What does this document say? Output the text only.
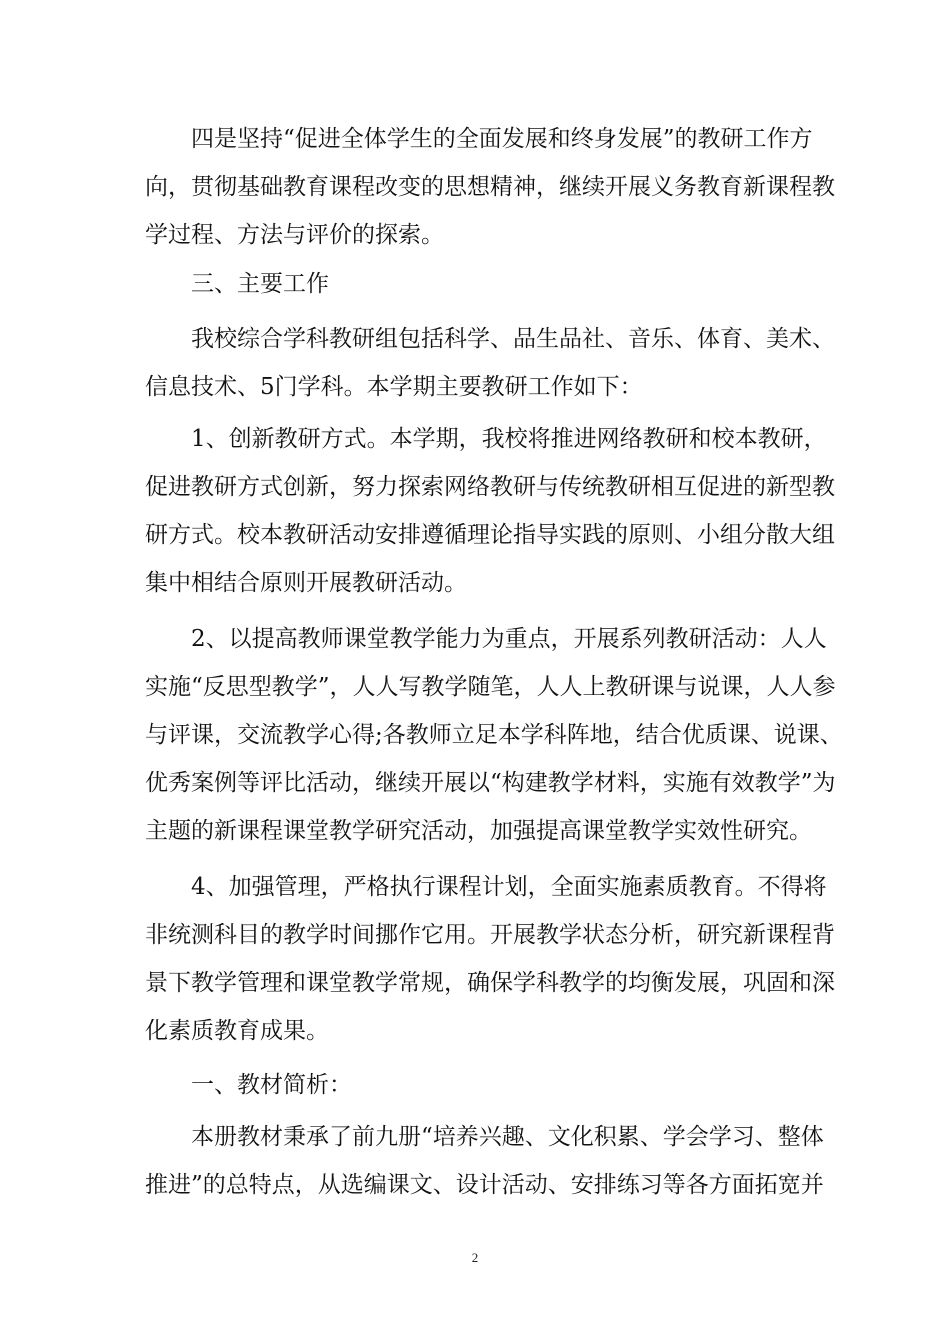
四是坚持“促进全体学生的全面发展和终身发展”的教研工作方
向，贯彻基础教育课程改变的思想精神，继续开展义务教育新课程教
学过程、方法与评价的探索。
三、主要工作
我校综合学科教研组包括科学、品生品社、音乐、体育、美术、
信息技术、5门学科。本学期主要教研工作如下：
1、创新教研方式。本学期，我校将推进网络教研和校本教研，
促进教研方式创新，努力探索网络教研与传统教研相互促进的新型教
研方式。校本教研活动安排遵循理论指导实践的原则、小组分散大组
集中相结合原则开展教研活动。
2、以提高教师课堂教学能力为重点，开展系列教研活动：人人
实施“反思型教学”，人人写教学随笔，人人上教研课与说课，人人参
与评课，交流教学心得;各教师立足本学科阵地，结合优质课、说课、
优秀案例等评比活动，继续开展以“构建教学材料，实施有效教学”为
主题的新课程课堂教学研究活动，加强提高课堂教学实效性研究。
4、加强管理，严格执行课程计划，全面实施素质教育。不得将
非统测科目的教学时间挪作它用。开展教学状态分析，研究新课程背
景下教学管理和课堂教学常规，确保学科教学的均衡发展，巩固和深
化素质教育成果。
一、教材简析：
本册教材秉承了前九册“培养兴趣、文化积累、学会学习、整体
推进”的总特点，从选编课文、设计活动、安排练习等各方面拓宽并
2
